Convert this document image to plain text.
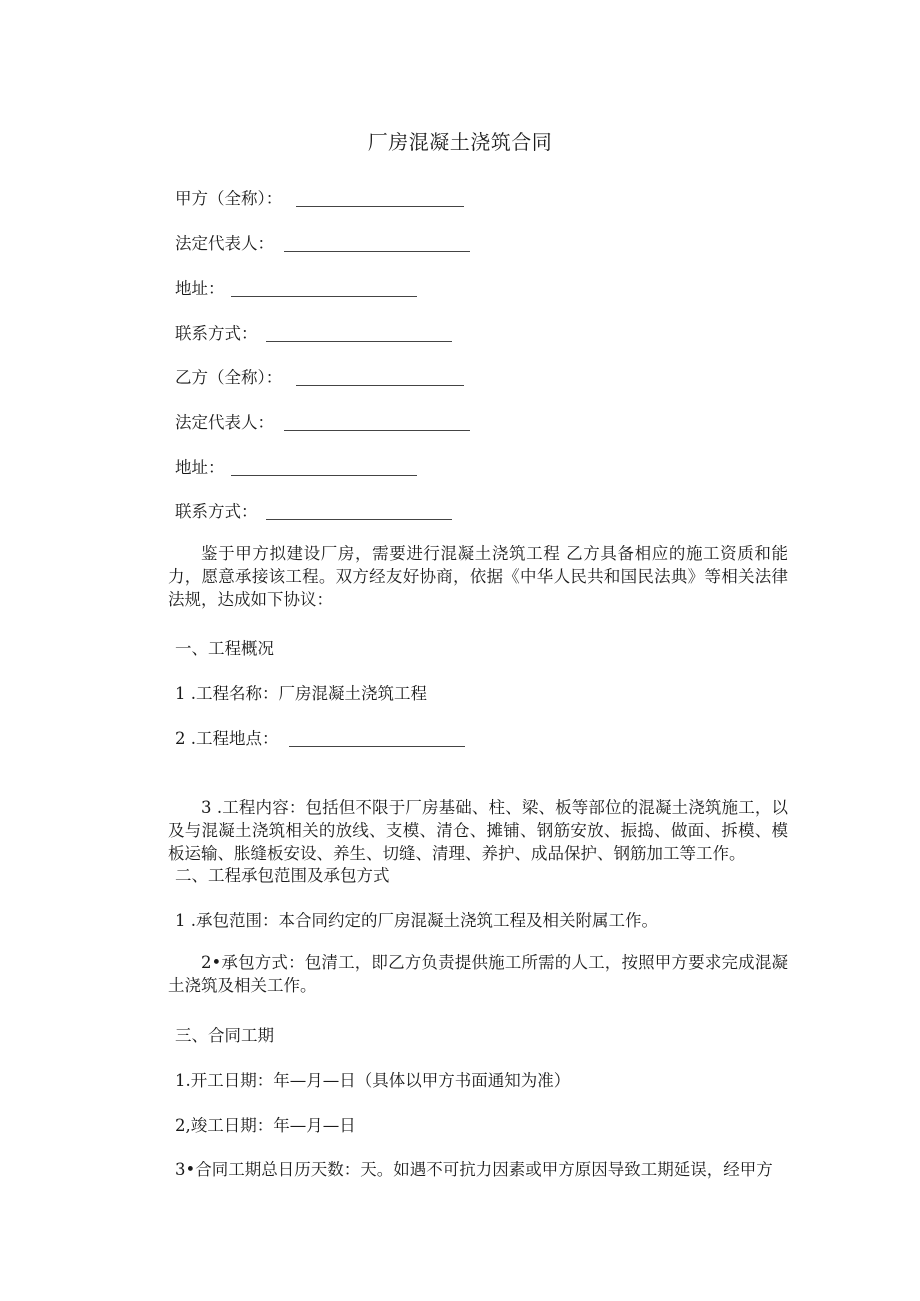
厂房混凝土浇筑合同
甲方（全称）：
法定代表人：
地址：
联系方式：
乙方（全称）：
法定代表人：
地址：
联系方式：
鉴于甲方拟建设厂房，需要进行混凝土浇筑工程 乙方具备相应的施工资质和能力，愿意承接该工程。双方经友好协商，依据《中华人民共和国民法典》等相关法律法规，达成如下协议：
一、工程概况
1 .工程名称：厂房混凝土浇筑工程
2 .工程地点：
3 .工程内容：包括但不限于厂房基础、柱、梁、板等部位的混凝土浇筑施工，以及与混凝土浇筑相关的放线、支模、清仓、摊铺、钢筋安放、振捣、做面、拆模、模板运输、胀缝板安设、养生、切缝、清理、养护、成品保护、钢筋加工等工作。
二、工程承包范围及承包方式
1 .承包范围：本合同约定的厂房混凝土浇筑工程及相关附属工作。
2•承包方式：包清工，即乙方负责提供施工所需的人工，按照甲方要求完成混凝土浇筑及相关工作。
三、合同工期
1.开工日期：年—月—日（具体以甲方书面通知为准）
2,竣工日期：年—月—日
3•合同工期总日历天数：天。如遇不可抗力因素或甲方原因导致工期延误，经甲方
